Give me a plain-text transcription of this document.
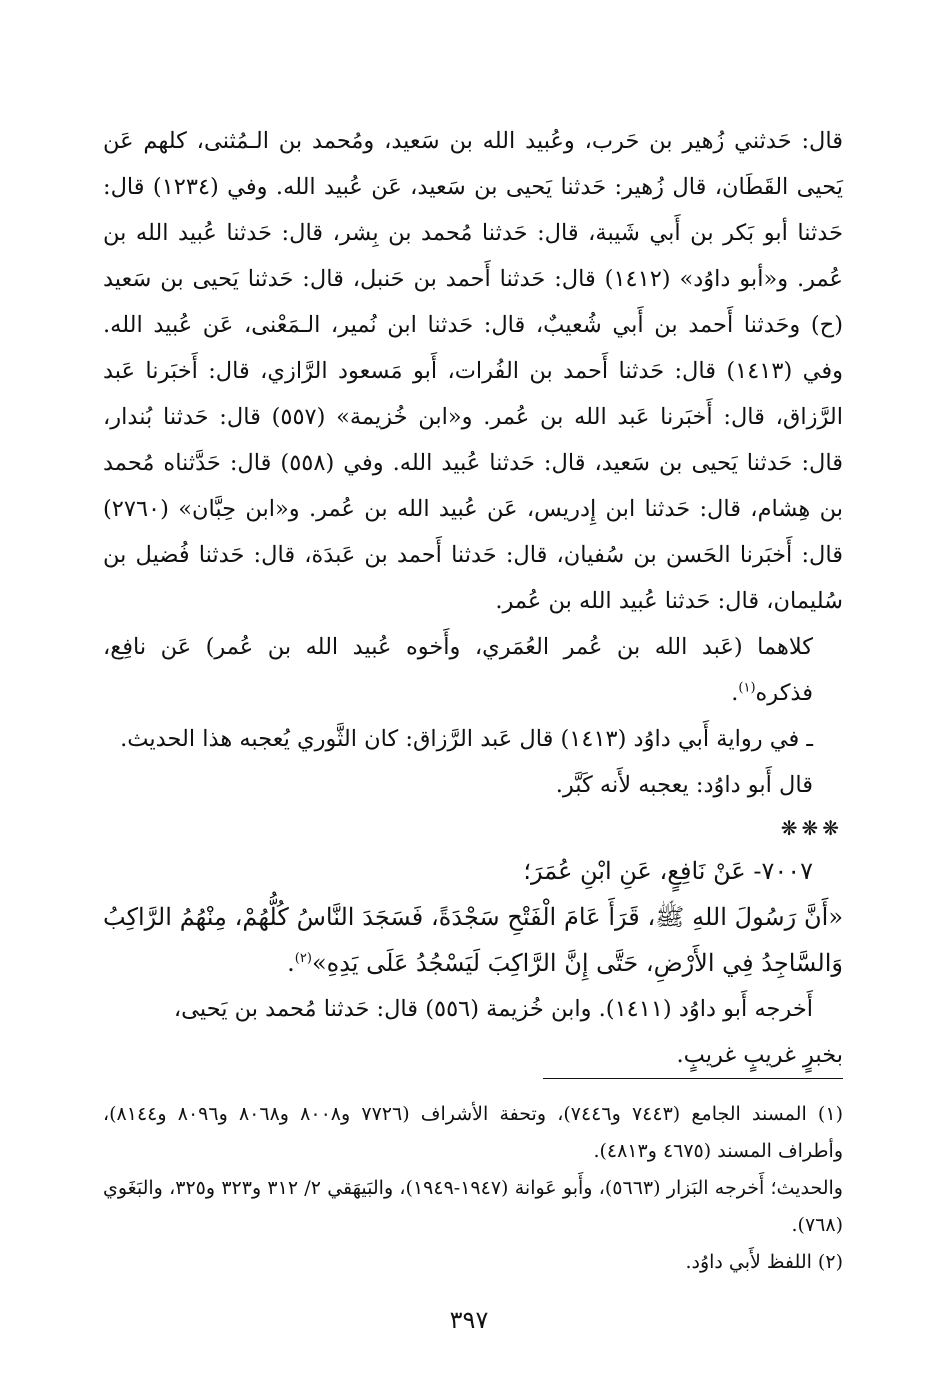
قال: حَدثني زُهير بن حَرب، وعُبيد الله بن سَعيد، ومُحمد بن الـمُثنى، كلهم عَن يَحيى القَطَان، قال زُهير: حَدثنا يَحيى بن سَعيد، عَن عُبيد الله. وفي (١٢٣٤) قال: حَدثنا أبو بَكر بن أَبي شَيبة، قال: حَدثنا مُحمد بن بِشر، قال: حَدثنا عُبيد الله بن عُمر. و«أبو داوُد» (١٤١٢) قال: حَدثنا أَحمد بن حَنبل، قال: حَدثنا يَحيى بن سَعيد (ح) وحَدثنا أَحمد بن أَبي شُعيبٌ، قال: حَدثنا ابن نُمير، الـمَعْنى، عَن عُبيد الله. وفي (١٤١٣) قال: حَدثنا أَحمد بن الفُرات، أَبو مَسعود الرَّازي، قال: أَخبَرنا عَبد الرَّزاق، قال: أَخبَرنا عَبد الله بن عُمر. و«ابن خُزيمة» (٥٥٧) قال: حَدثنا بُندار، قال: حَدثنا يَحيى بن سَعيد، قال: حَدثنا عُبيد الله. وفي (٥٥٨) قال: حَدَّثناه مُحمد بن هِشام، قال: حَدثنا ابن إِدريس، عَن عُبيد الله بن عُمر. و«ابن حِبَّان» (٢٧٦٠) قال: أَخبَرنا الحَسن بن سُفيان، قال: حَدثنا أَحمد بن عَبدَة، قال: حَدثنا فُضيل بن سُليمان، قال: حَدثنا عُبيد الله بن عُمر.

كلاهما (عَبد الله بن عُمر العُمَري، وأَخوه عُبيد الله بن عُمر) عَن نافِع، فذكره$^{(١)}$.

ـ في رواية أَبي داوُد (١٤١٣) قال عَبد الرَّزاق: كان الثَّوري يُعجبه هذا الحديث.

قال أَبو داوُد: يعجبه لأَنه كَبَّر.

❋❋❋

٧٠٠٧- عَنْ نَافِعٍ، عَنِ ابْنِ عُمَرَ؛

«أَنَّ رَسُولَ اللهِ ﷺ، قَرَأَ عَامَ الْفَتْحِ سَجْدَةً، فَسَجَدَ النَّاسُ كُلُّهُمْ، مِنْهُمُ الرَّاكِبُ وَالسَّاجِدُ فِي الأَرْضِ، حَتَّى إِنَّ الرَّاكِبَ لَيَسْجُدُ عَلَى يَدِهِ»$^{(٢)}$.

أَخرجه أَبو داوُد (١٤١١). وابن خُزيمة (٥٥٦) قال: حَدثنا مُحمد بن يَحيى،

بخبرٍ غريبٍ غريبٍ.

(١) المسند الجامع (٧٤٤٣ و٧٤٤٦)، وتحفة الأشراف (٧٧٢٦ و٨٠٠٨ و٨٠٦٨ و٨٠٩٦ و٨١٤٤)، وأطراف المسند (٤٦٧٥ و٤٨١٣).

والحديث؛ أَخرجه البَزار (٥٦٦٣)، وأَبو عَوانة (١٩٤٧-١٩٤٩)، والبَيهَقي ٢/ ٣١٢ و٣٢٣ و٣٢٥، والبَغَوي (٧٦٨).

(٢) اللفظ لأَبي داوُد.

٣٩٧
